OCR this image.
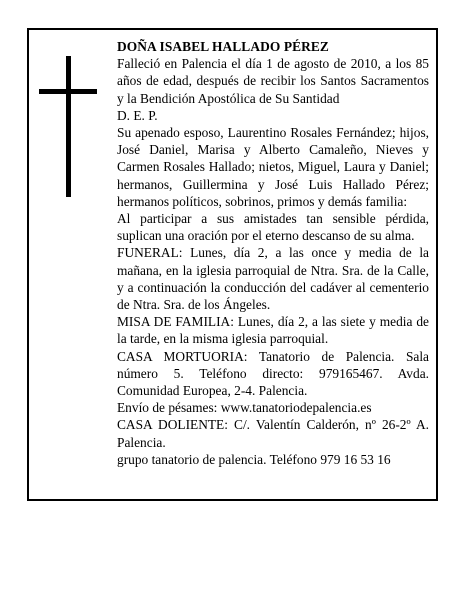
DOÑA ISABEL HALLADO PÉREZ

Falleció en Palencia el día 1 de agosto de 2010, a los 85 años de edad, después de recibir los Santos Sacramentos y la Bendición Apostólica de Su Santidad

D. E. P.

Su apenado esposo, Laurentino Rosales Fernández; hijos, José Daniel, Marisa y Alberto Camaleño, Nieves y Carmen Rosales Hallado; nietos, Miguel, Laura y Daniel; hermanos, Guillermina y José Luis Hallado Pérez; hermanos políticos, sobrinos, primos y demás familia:

Al participar a sus amistades tan sensible pérdida, suplican una oración por el eterno descanso de su alma.

FUNERAL: Lunes, día 2, a las once y media de la mañana, en la iglesia parroquial de Ntra. Sra. de la Calle, y a continuación la conducción del cadáver al cementerio de Ntra. Sra. de los Ángeles.

MISA DE FAMILIA: Lunes, día 2, a las siete y media de la tarde, en la misma iglesia parroquial.

CASA MORTUORIA: Tanatorio de Palencia. Sala número 5. Teléfono directo: 979165467. Avda. Comunidad Europea, 2-4. Palencia.

Envío de pésames: www.tanatoriodepalencia.es

CASA DOLIENTE: C/. Valentín Calderón, nº 26-2º A. Palencia.

grupo tanatorio de palencia. Teléfono 979 16 53 16
